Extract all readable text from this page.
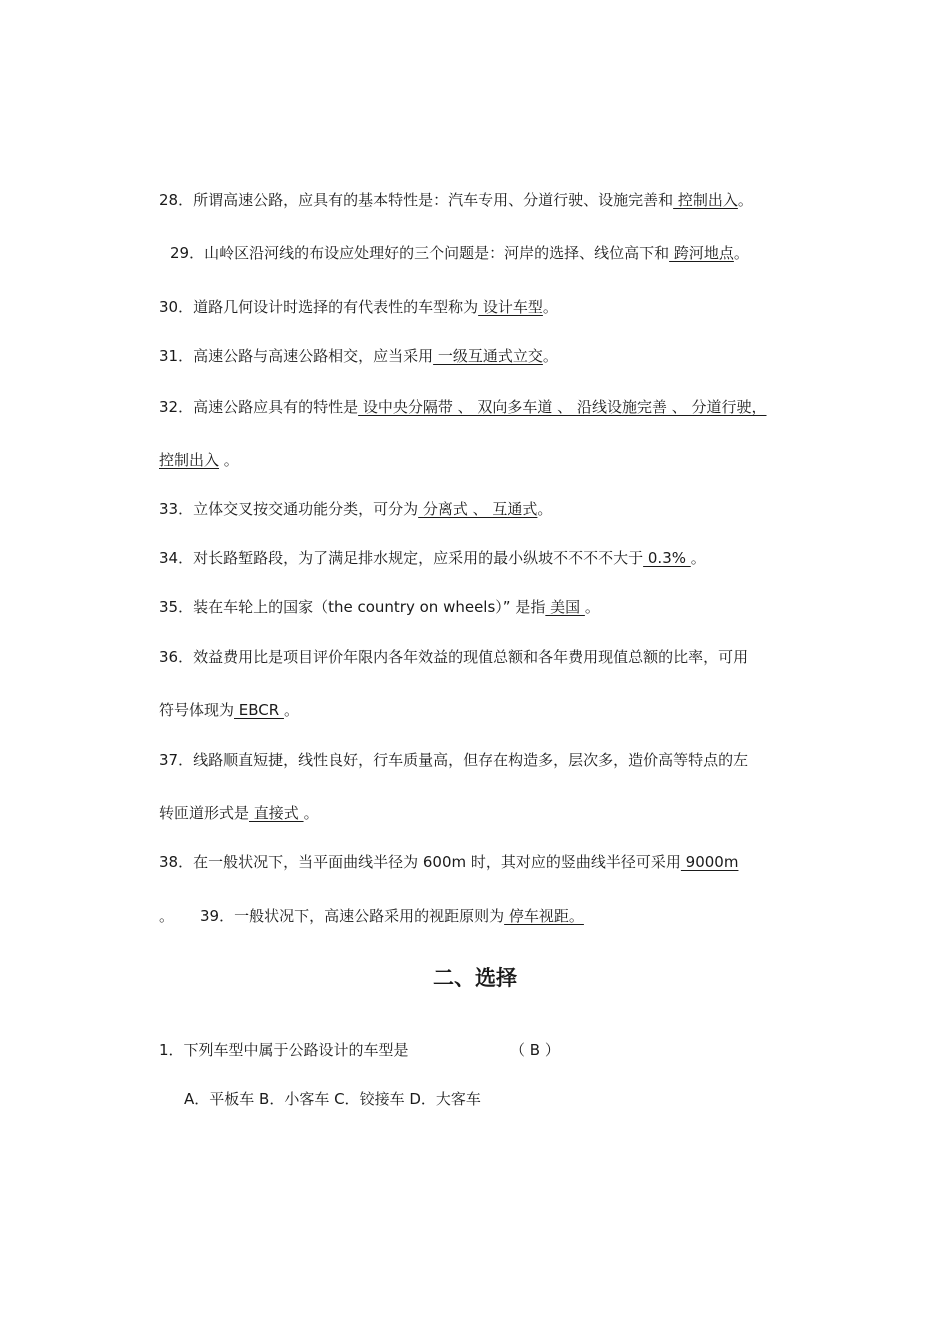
28．所谓高速公路，应具有的基本特性是：汽车专用、分道行驶、设施完善和 控制出入。
29．山岭区沿河线的布设应处理好的三个问题是：河岸的选择、线位高下和 跨河地点。
30．道路几何设计时选择的有代表性的车型称为 设计车型。
31．高速公路与高速公路相交，应当采用 一级互通式立交。
32．高速公路应具有的特性是 设中央分隔带 、 双向多车道 、 沿线设施完善 、 分道行驶，
控制出入 。
33．立体交叉按交通功能分类，可分为 分离式 、 互通式。
34．对长路堑路段，为了满足排水规定，应采用的最小纵坡不不不不大于 0.3% 。
35．装在车轮上的国家（the country on wheels）” 是指 美国 。
36．效益费用比是项目评价年限内各年效益的现值总额和各年费用现值总额的比率，可用
符号体现为 EBCR 。
37．线路顺直短捷，线性良好，行车质量高，但存在构造多，层次多，造价高等特点的左
转匝道形式是 直接式 。
38．在一般状况下，当平面曲线半径为 600m 时，其对应的竖曲线半径可采用 9000m
。 39．一般状况下，高速公路采用的视距原则为 停车视距。
二、选择
1．下列车型中属于公路设计的车型是	（ B ）
A．平板车 B．小客车 C．铰接车 D．大客车
